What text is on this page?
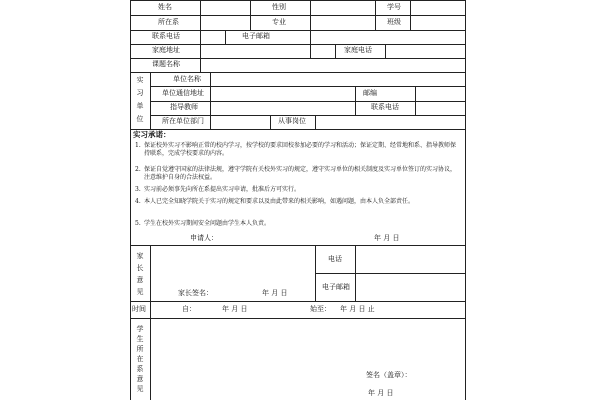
姓名	性别	学号
所在系	专业	班级
联系电话	电子邮箱
家庭地址	家庭电话
课题名称
实习单位
单位名称
单位通信地址	邮编
指导教师	联系电话
所在单位部门	从事岗位
实习承诺：
1. 保证校外实习不影响正常的校内学习，按学校的要求回校参加必要的学习和活动；保证定期、经常地和系、指导教师保持联系，完成学校要求的内容。
2. 保证自觉遵守国家的法律法规，遵守学院有关校外实习的规定，遵守实习单位的相关制度及实习单位签订的实习协议，注意维护自身的合法权益。
3. 实习前必须事先向所在系提出实习申请，批准后方可实行。
4. 本人已完全知晓学院关于实习的规定和要求以及由此带来的相关影响，如遇问题，由本人负全部责任。
5. 学生在校外实习期间安全问题由学生本人负责。
申请人：	年 月 日
家长意见
电话
电子邮箱
家长签名：	年 月 日
时间	自：	年 月 日	始至： 年 月 日 止
学生所在系意见
签名（盖章）：
年 月 日
